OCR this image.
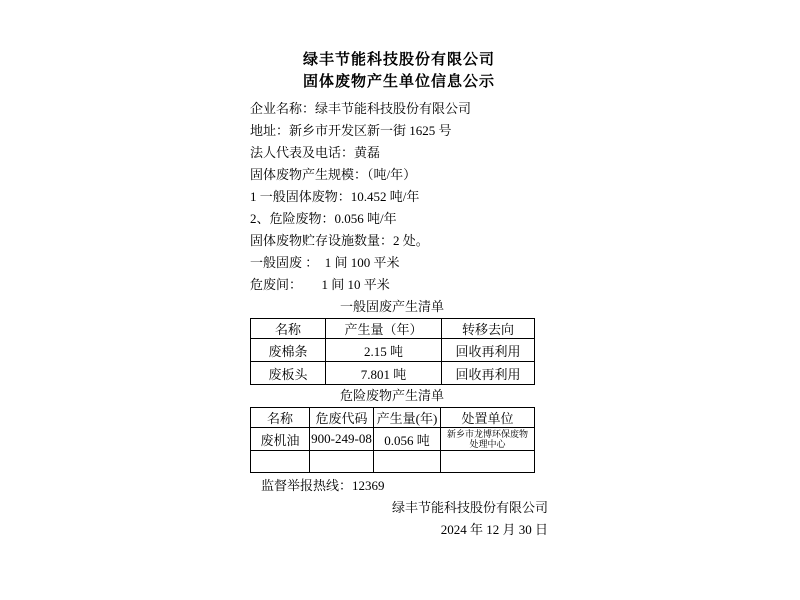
绿丰节能科技股份有限公司
固体废物产生单位信息公示
企业名称：绿丰节能科技股份有限公司
地址：新乡市开发区新一街 1625 号
法人代表及电话：黄磊
固体废物产生规模：（吨/年）
1 一般固体废物：10.452 吨/年
2、危险废物：0.056 吨/年
固体废物贮存设施数量：2 处。
一般固废 ：　1 间 100 平米
危废间：　　1 间 10 平米
一般固废产生清单
名称	产生量（年）	转移去向
废棉条	2.15 吨	回收再利用
废板头	7.801 吨	回收再利用
危险废物产生清单
名称	危废代码	产生量(年)	处置单位
废机油	900-249-08	0.056 吨	新乡市龙博环保废物处理中心

监督举报热线：12369
绿丰节能科技股份有限公司
2024 年 12 月 30 日
